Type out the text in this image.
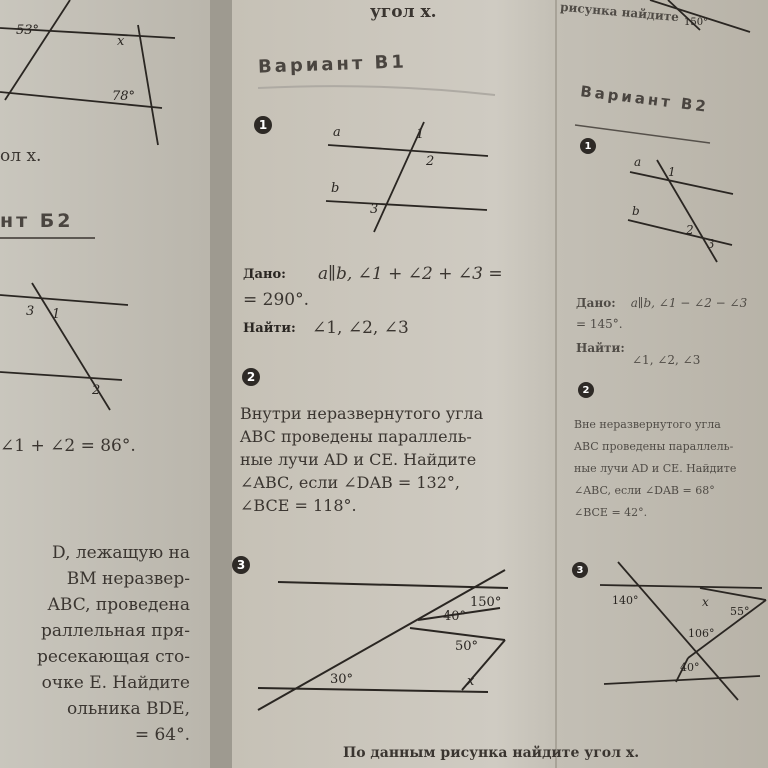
53°
x
78°
ол x.
нт Б2
3 1
2
∠1 + ∠2 = 86°.
D, лежащую на
BM неразвер-
ABC, проведена
раллельная пря-
ресекающая сто-
очке E. Найдите
ольника BDE,
= 64°.
угол x.
Вариант В1
1	a	1
2
b
3
Дано: a∥b, ∠1 + ∠2 + ∠3 =
= 290°.
Найти: ∠1, ∠2, ∠3
2
Внутри неразвернутого угла
ABC проведены параллель-
ные лучи AD и CE. Найдите
∠ABC, если ∠DAB = 132°,
∠BCE = 118°.
3
150°
40°
50°
30°	x
По данным рисунка найдите угол x.
рисунка найдите 150°
Вариант В2
1
a
1
b
2
3
Дано: a∥b, ∠1 − ∠2 − ∠3
= 145°.
Найти:
∠1, ∠2, ∠3
2
Вне неразвернутого угла
ABC проведены параллель-
ные лучи AD и CE. Найдите
∠ABC, если ∠DAB = 68°
∠BCE = 42°.
3
140°	x
55°
106°
40°
